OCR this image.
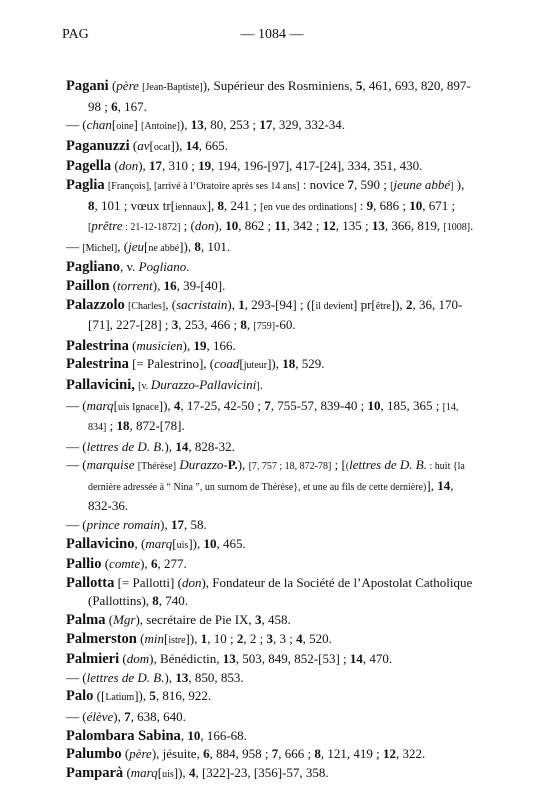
PAG	— 1084 —
Pagani (père [Jean-Baptiste]), Supérieur des Rosminiens, 5, 461, 693, 820, 897-98 ; 6, 167.
— (chan[oine] [Antoine]), 13, 80, 253 ; 17, 329, 332-34.
Paganuzzi (av[ocat]), 14, 665.
Pagella (don), 17, 310 ; 19, 194, 196-[97], 417-[24], 334, 351, 430.
Paglia [François], [arrivé à l’Oratoire après ses 14 ans] : novice 7, 590 ; [jeune abbé] ), 8, 101 ; vœux tr[iennaux], 8, 241 ; [en vue des ordinations] : 9, 686 ; 10, 671 ; [prêtre : 21-12-1872] ; (don), 10, 862 ; 11, 342 ; 12, 135 ; 13, 366, 819, [1008].
— [Michel], (jeu[ne abbé]), 8, 101.
Pagliano, v. Pogliano.
Paillon (torrent), 16, 39-[40].
Palazzolo [Charles], (sacristain), 1, 293-[94] ; ([il devient] pr[être]), 2, 36, 170-[71], 227-[28] ; 3, 253, 466 ; 8, [759]-60.
Palestrina (musicien), 19, 166.
Palestrina [= Palestrino], (coad[juteur]), 18, 529.
Pallavicini, [v. Durazzo-Pallavicini].
— (marq[uis Ignace]), 4, 17-25, 42-50 ; 7, 755-57, 839-40 ; 10, 185, 365 ; [14, 834] ; 18, 872-[78].
— (lettres de D. B.), 14, 828-32.
— (marquise [Thérèse] Durazzo-P.), [7, 757 ; 18, 872-78] ; [(lettres de D. B. : huit {la dernière adressée à “ Nina ”, un surnom de Thérèse}, et une au fils de cette dernière)], 14, 832-36.
— (prince romain), 17, 58.
Pallavicino, (marq[uis]), 10, 465.
Pallio (comte), 6, 277.
Pallotta [= Pallotti] (don), Fondateur de la Société de l’Apostolat Catholique (Pallottins), 8, 740.
Palma (Mgr), secrétaire de Pie IX, 3, 458.
Palmerston (min[istre]), 1, 10 ; 2, 2 ; 3, 3 ; 4, 520.
Palmieri (dom), Bénédictin, 13, 503, 849, 852-[53] ; 14, 470.
— (lettres de D. B.), 13, 850, 853.
Palo ([Latium]), 5, 816, 922.
— (élève), 7, 638, 640.
Palombara Sabina, 10, 166-68.
Palumbo (père), jésuite, 6, 884, 958 ; 7, 666 ; 8, 121, 419 ; 12, 322.
Pamparà (marq[uis]), 4, [322]-23, [356]-57, 358.
